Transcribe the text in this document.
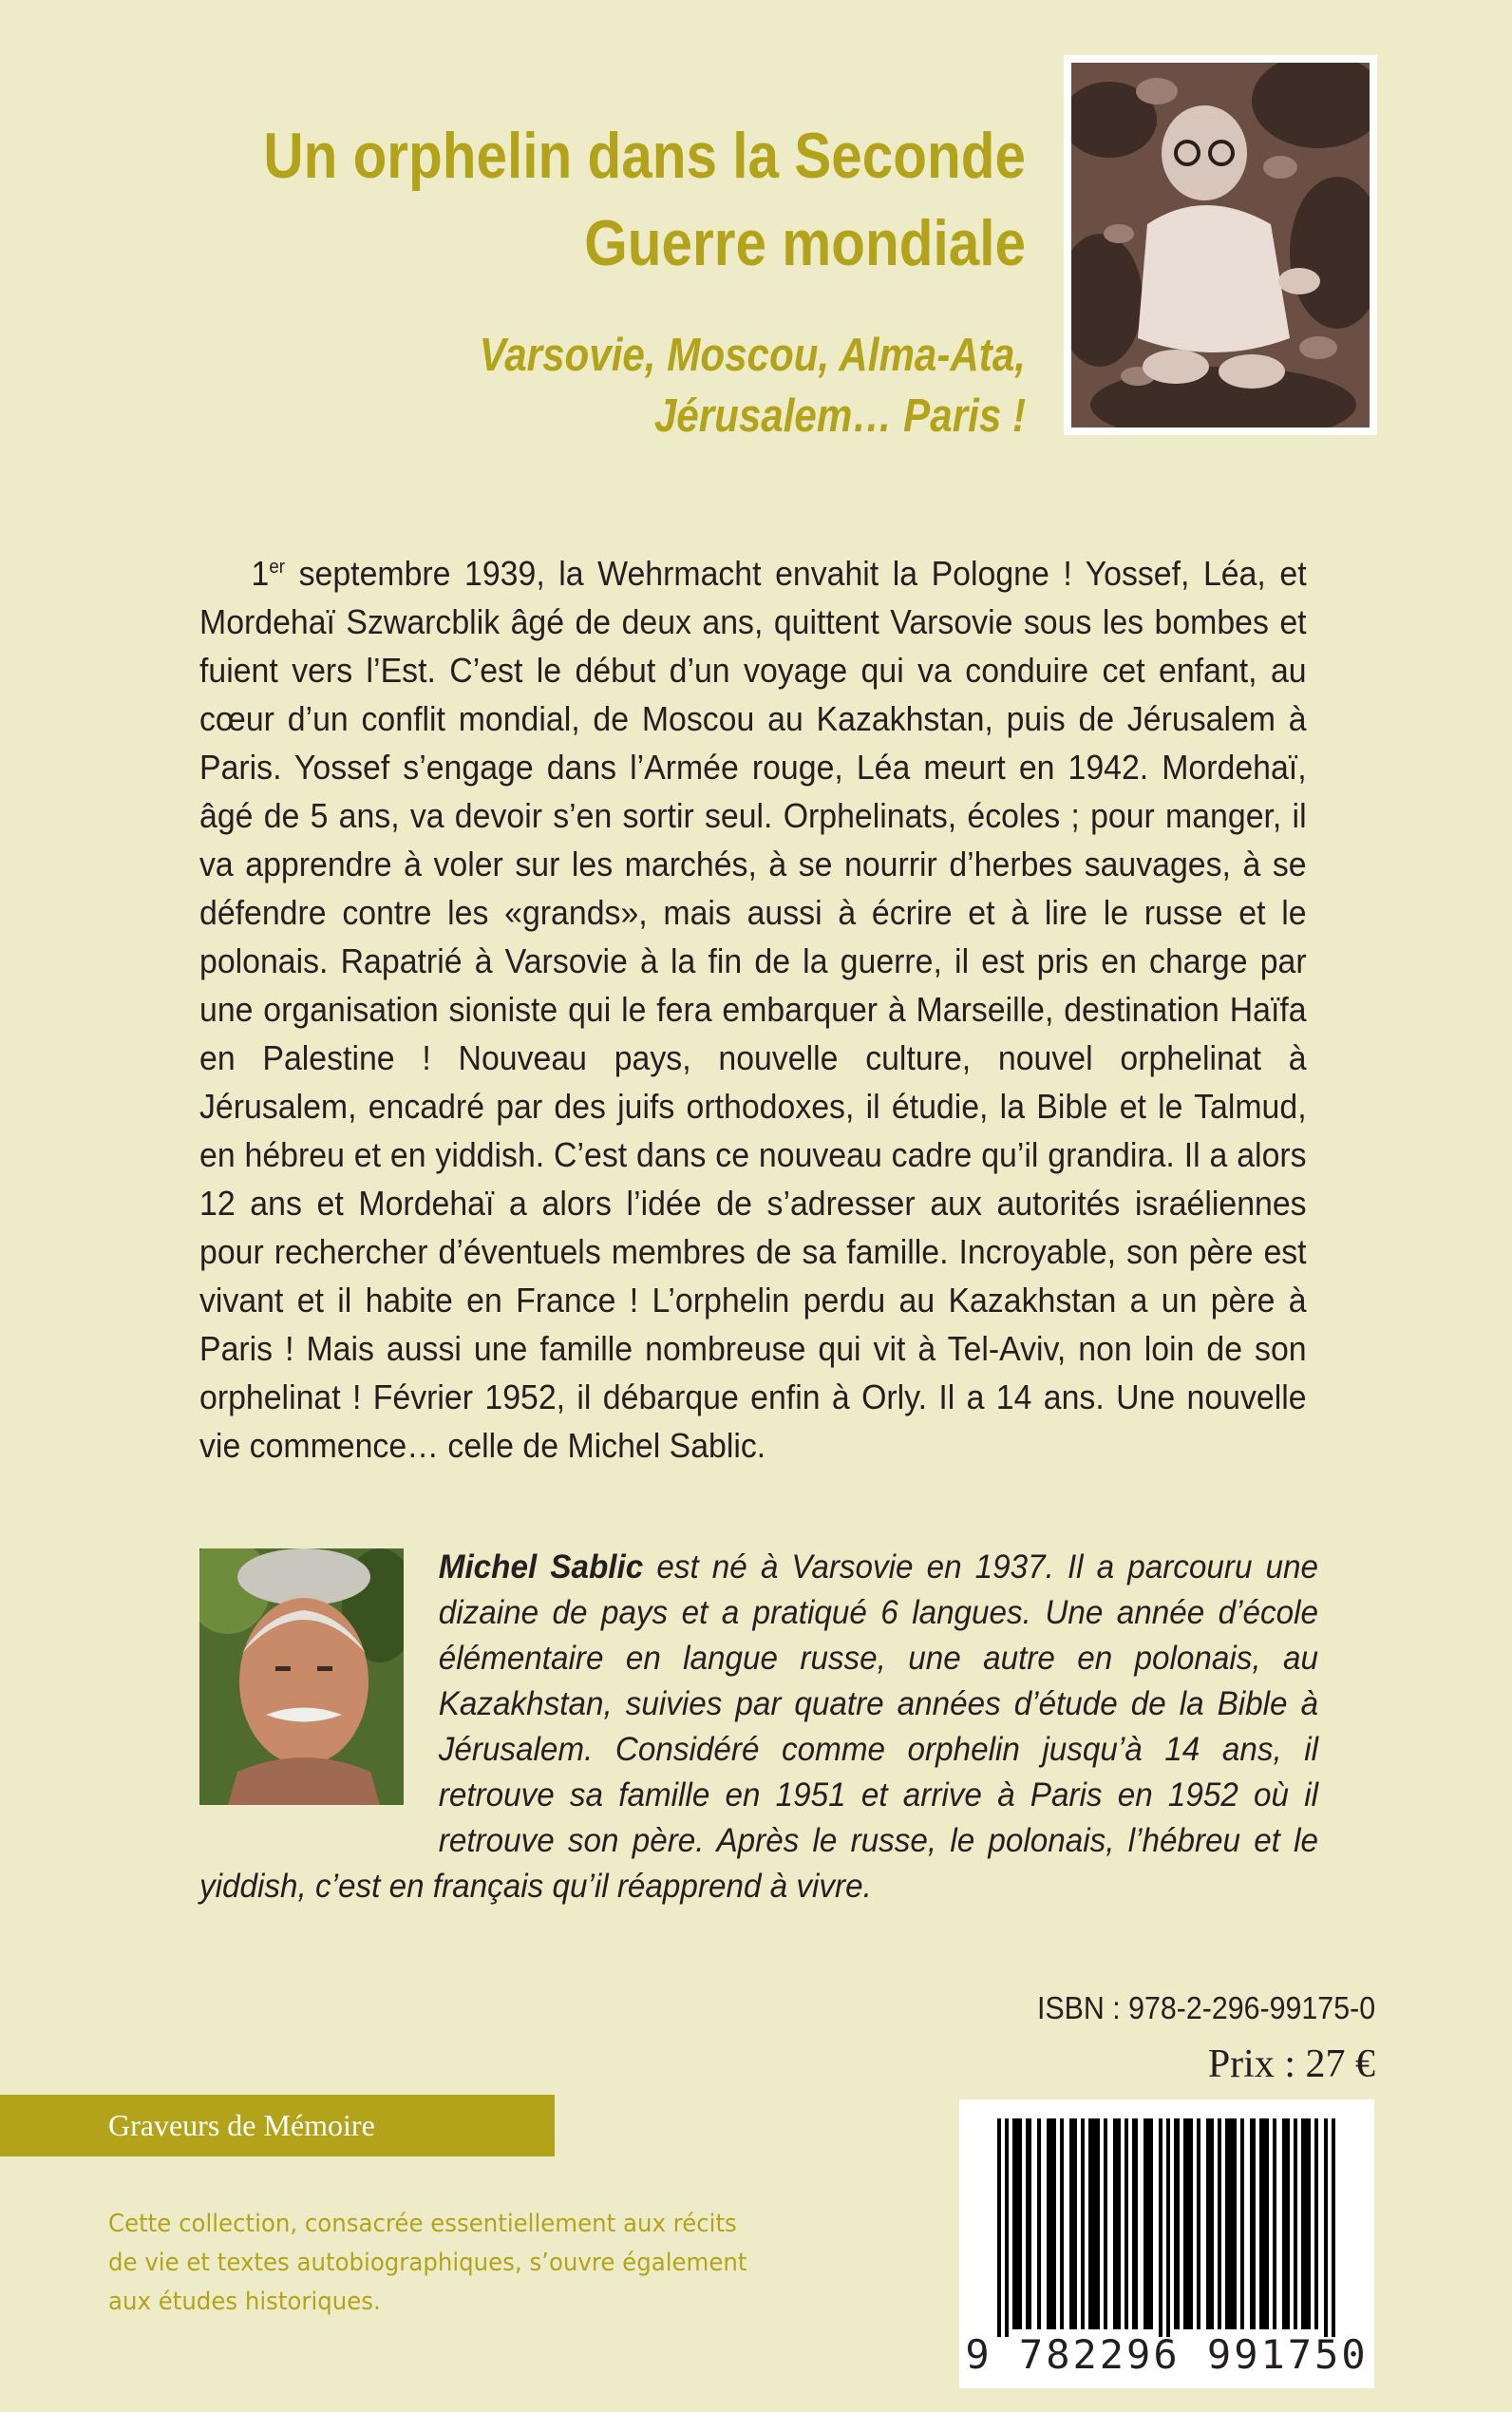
Un orphelin dans la Seconde
Guerre mondiale
Varsovie, Moscou, Alma-Ata,
Jérusalem… Paris !

1er septembre 1939, la Wehrmacht envahit la Pologne ! Yossef, Léa, et Mordehaï Szwarcblik âgé de deux ans, quittent Varsovie sous les bombes et fuient vers l’Est. C’est le début d’un voyage qui va conduire cet enfant, au cœur d’un conflit mondial, de Moscou au Kazakhstan, puis de Jérusalem à Paris. Yossef s’engage dans l’Armée rouge, Léa meurt en 1942. Mordehaï, âgé de 5 ans, va devoir s’en sortir seul. Orphelinats, écoles ; pour manger, il va apprendre à voler sur les marchés, à se nourrir d’herbes sauvages, à se défendre contre les «grands», mais aussi à écrire et à lire le russe et le polonais. Rapatrié à Varsovie à la fin de la guerre, il est pris en charge par une organisation sioniste qui le fera embarquer à Marseille, destination Haïfa en Palestine ! Nouveau pays, nouvelle culture, nouvel orphelinat à Jérusalem, encadré par des juifs orthodoxes, il étudie, la Bible et le Talmud, en hébreu et en yiddish. C’est dans ce nouveau cadre qu’il grandira. Il a alors 12 ans et Mordehaï a alors l’idée de s’adresser aux autorités israéliennes pour rechercher d’éventuels membres de sa famille. Incroyable, son père est vivant et il habite en France ! L’orphelin perdu au Kazakhstan a un père à Paris ! Mais aussi une famille nombreuse qui vit à Tel-Aviv, non loin de son orphelinat ! Février 1952, il débarque enfin à Orly. Il a 14 ans. Une nouvelle vie commence… celle de Michel Sablic.

Michel Sablic est né à Varsovie en 1937. Il a parcouru une dizaine de pays et a pratiqué 6 langues. Une année d’école élémentaire en langue russe, une autre en polonais, au Kazakhstan, suivies par quatre années d’étude de la Bible à Jérusalem. Considéré comme orphelin jusqu’à 14 ans, il retrouve sa famille en 1951 et arrive à Paris en 1952 où il retrouve son père. Après le russe, le polonais, l’hébreu et le yiddish, c’est en français qu’il réapprend à vivre.
ISBN : 978-2-296-99175-0
Prix : 27 €
Graveurs de Mémoire
Cette collection, consacrée essentiellement aux récits
de vie et textes autobiographiques, s’ouvre également
aux études historiques.
9 782296 991750
